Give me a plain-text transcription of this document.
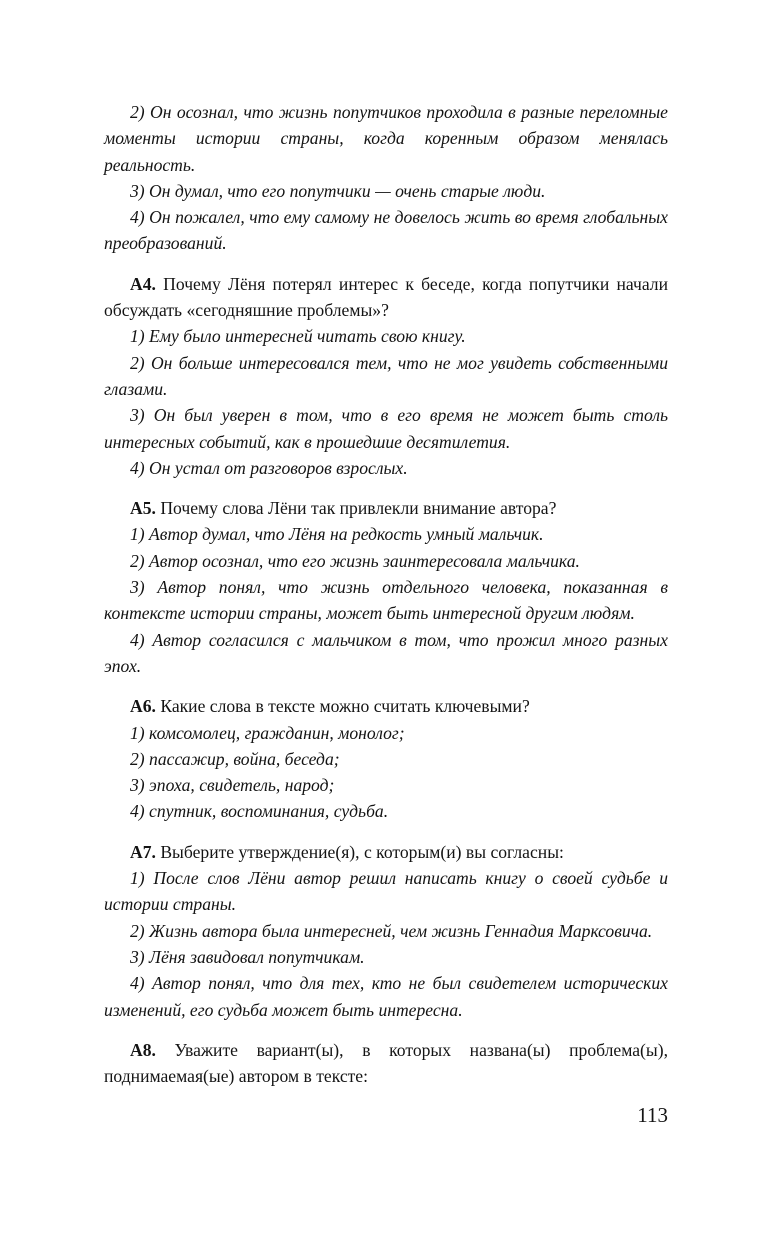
2) Он осознал, что жизнь попутчиков проходила в разные переломные моменты истории страны, когда коренным образом менялась реальность.

3) Он думал, что его попутчики — очень старые люди.

4) Он пожалел, что ему самому не довелось жить во время глобальных преобразований.

А4. Почему Лёня потерял интерес к беседе, когда попутчики начали обсуждать «сегодняшние проблемы»?

1) Ему было интересней читать свою книгу.

2) Он больше интересовался тем, что не мог увидеть собственными глазами.

3) Он был уверен в том, что в его время не может быть столь интересных событий, как в прошедшие десятилетия.

4) Он устал от разговоров взрослых.

А5. Почему слова Лёни так привлекли внимание автора?

1) Автор думал, что Лёня на редкость умный мальчик.

2) Автор осознал, что его жизнь заинтересовала мальчика.

3) Автор понял, что жизнь отдельного человека, показанная в контексте истории страны, может быть интересной другим людям.

4) Автор согласился с мальчиком в том, что прожил много разных эпох.

А6. Какие слова в тексте можно считать ключевыми?

1) комсомолец, гражданин, монолог;

2) пассажир, война, беседа;

3) эпоха, свидетель, народ;

4) спутник, воспоминания, судьба.

А7. Выберите утверждение(я), с которым(и) вы согласны:

1) После слов Лёни автор решил написать книгу о своей судьбе и истории страны.

2) Жизнь автора была интересней, чем жизнь Геннадия Марксовича.

3) Лёня завидовал попутчикам.

4) Автор понял, что для тех, кто не был свидетелем исторических изменений, его судьба может быть интересна.

А8. Уважите вариант(ы), в которых названа(ы) проблема(ы), поднимаемая(ые) автором в тексте:

113
